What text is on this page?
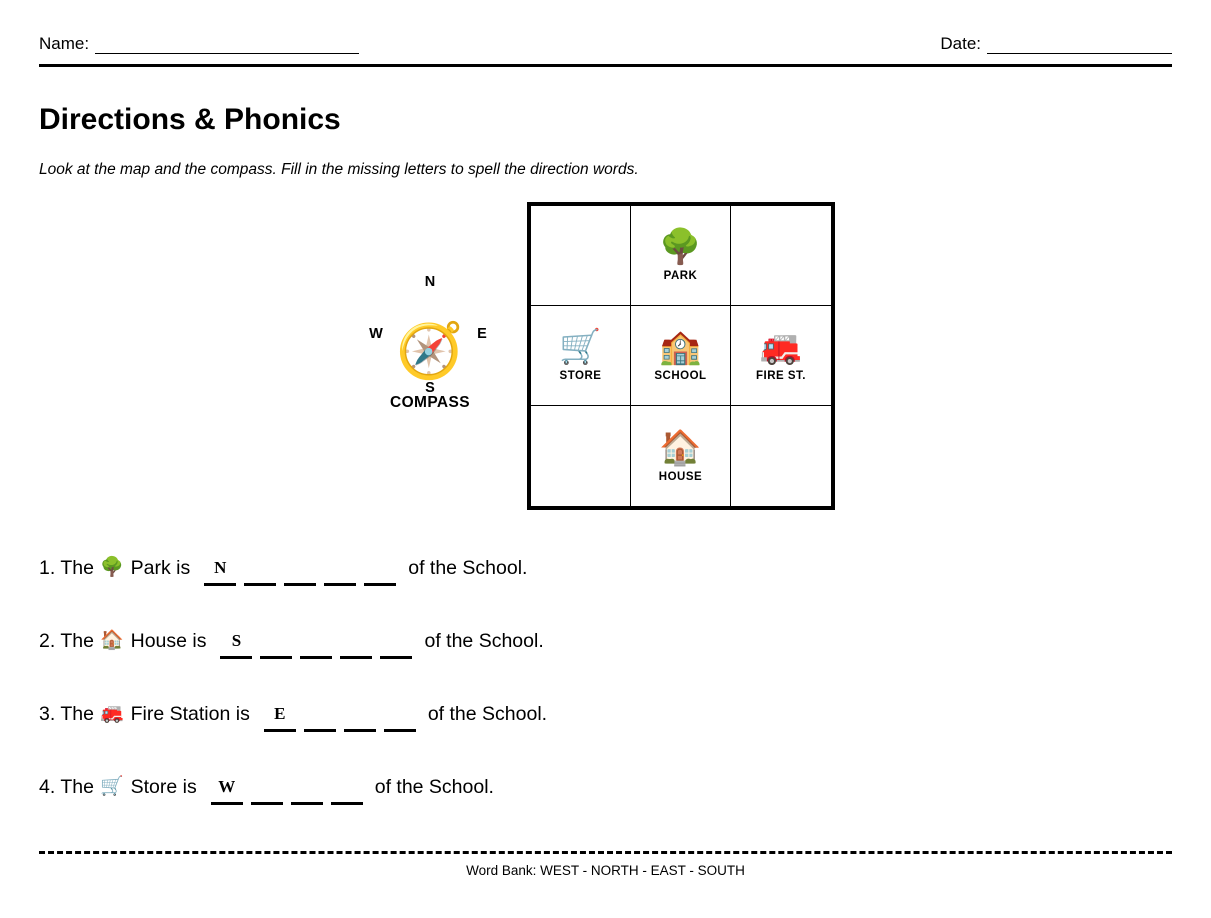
Name:	Date:
Directions & Phonics
Look at the map and the compass. Fill in the missing letters to spell the direction words.
N
W	E
🧭
S
COMPASS
🌳
PARK
🛒
STORE
🏫
SCHOOL
🚒
FIRE ST.
🏠
HOUSE
1. The 🌳 Park is	N	of the School.
2. The 🏠 House is	S	of the School.
3. The 🚒 Fire Station is	E	of the School.
4. The 🛒 Store is	W	of the School.
Word Bank: WEST - NORTH - EAST - SOUTH
